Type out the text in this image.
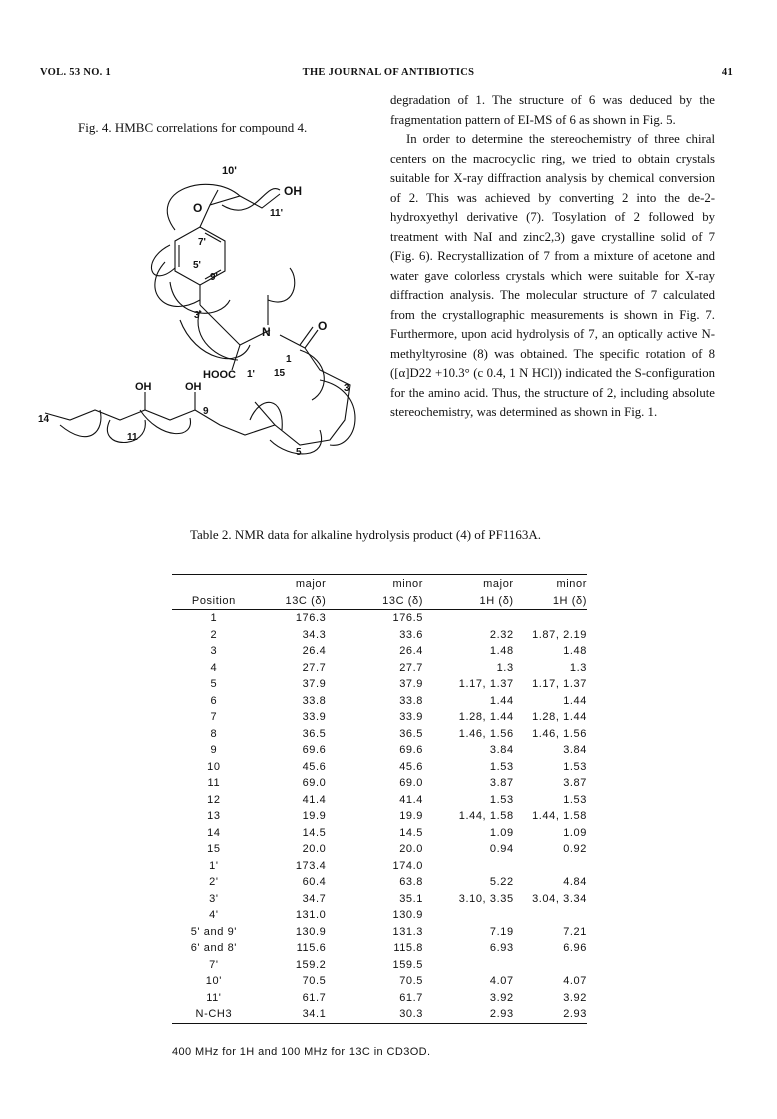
VOL. 53 NO. 1	THE JOURNAL OF ANTIBIOTICS	41
Fig. 4. HMBC correlations for compound 4.
10'
OH
O	11'
7'
5'
9'
3'
N	O
1
HOOC 1' 15
3
OH	OH
9
14
11
5

degradation of 1. The structure of 6 was deduced by the fragmentation pattern of EI-MS of 6 as shown in Fig. 5.

In order to determine the stereochemistry of three chiral centers on the macrocyclic ring, we tried to obtain crystals suitable for X-ray diffraction analysis by chemical conversion of 2. This was achieved by converting 2 into the de-2-hydroxyethyl derivative (7). Tosylation of 2 followed by treatment with NaI and zinc2,3) gave crystalline solid of 7 (Fig. 6). Recrystallization of 7 from a mixture of acetone and water gave colorless crystals which were suitable for X-ray diffraction analysis. The molecular structure of 7 calculated from the crystallographic measurements is shown in Fig. 7. Furthermore, upon acid hydrolysis of 7, an optically active N-methyltyrosine (8) was obtained. The specific rotation of 8 ([α]D22 +10.3° (c 0.4, 1 N HCl)) indicated the S-configuration for the amino acid. Thus, the structure of 2, including absolute stereochemistry, was determined as shown in Fig. 1.

Table 2. NMR data for alkaline hydrolysis product (4) of PF1163A.
	major	minor	major	minor
Position	13C (δ)	13C (δ)	1H (δ)	1H (δ)
1	176.3	176.5		
2	34.3	33.6	2.32	1.87, 2.19
3	26.4	26.4	1.48	1.48
4	27.7	27.7	1.3	1.3
5	37.9	37.9	1.17, 1.37	1.17, 1.37
6	33.8	33.8	1.44	1.44
7	33.9	33.9	1.28, 1.44	1.28, 1.44
8	36.5	36.5	1.46, 1.56	1.46, 1.56
9	69.6	69.6	3.84	3.84
10	45.6	45.6	1.53	1.53
11	69.0	69.0	3.87	3.87
12	41.4	41.4	1.53	1.53
13	19.9	19.9	1.44, 1.58	1.44, 1.58
14	14.5	14.5	1.09	1.09
15	20.0	20.0	0.94	0.92
1'	173.4	174.0		
2'	60.4	63.8	5.22	4.84
3'	34.7	35.1	3.10, 3.35	3.04, 3.34
4'	131.0	130.9		
5' and 9'	130.9	131.3	7.19	7.21
6' and 8'	115.6	115.8	6.93	6.96
7'	159.2	159.5		
10'	70.5	70.5	4.07	4.07
11'	61.7	61.7	3.92	3.92
N-CH3	34.1	30.3	2.93	2.93
400 MHz for 1H and 100 MHz for 13C in CD3OD.
